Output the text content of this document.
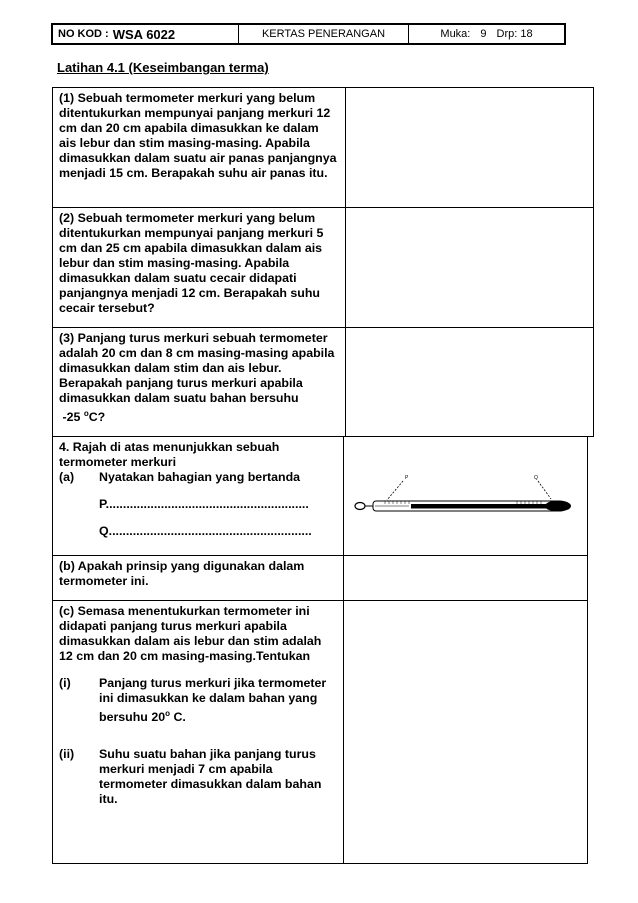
NO KOD : WSA 6022	KERTAS PENERANGAN	Muka: 9 Drp: 18
Latihan 4.1 (Keseimbangan terma)

(1) Sebuah termometer merkuri yang belum ditentukurkan mempunyai panjang merkuri 12 cm dan 20 cm apabila dimasukkan ke dalam ais lebur dan stim masing-masing. Apabila dimasukkan dalam suatu air panas panjangnya menjadi 15 cm. Berapakah suhu air panas itu.

(2) Sebuah termometer merkuri yang belum ditentukurkan mempunyai panjang merkuri 5 cm dan 25 cm apabila dimasukkan dalam ais lebur dan stim masing-masing. Apabila dimasukkan dalam suatu cecair didapati panjangnya menjadi 12 cm. Berapakah suhu cecair tersebut?

(3) Panjang turus merkuri sebuah termometer adalah 20 cm dan 8 cm masing-masing apabila dimasukkan dalam stim dan ais lebur. Berapakah panjang turus merkuri apabila dimasukkan dalam suatu bahan bersuhu
-25 $^o$C?

4. Rajah di atas menunjukkan sebuah termometer merkuri

(a)	Nyatakan bahagian yang bertanda
P...........................................................
Q...........................................................
P	Q

(b) Apakah prinsip yang digunakan dalam termometer ini.

(c) Semasa menentukurkan termometer ini didapati panjang turus merkuri apabila dimasukkan dalam ais lebur dan stim adalah 12 cm dan 20 cm masing-masing.Tentukan

(i)	Panjang turus merkuri jika termometer ini dimasukkan ke dalam bahan yang bersuhu 20$^o$ C.
(ii)	Suhu suatu bahan jika panjang turus merkuri menjadi 7 cm apabila termometer dimasukkan dalam bahan itu.
